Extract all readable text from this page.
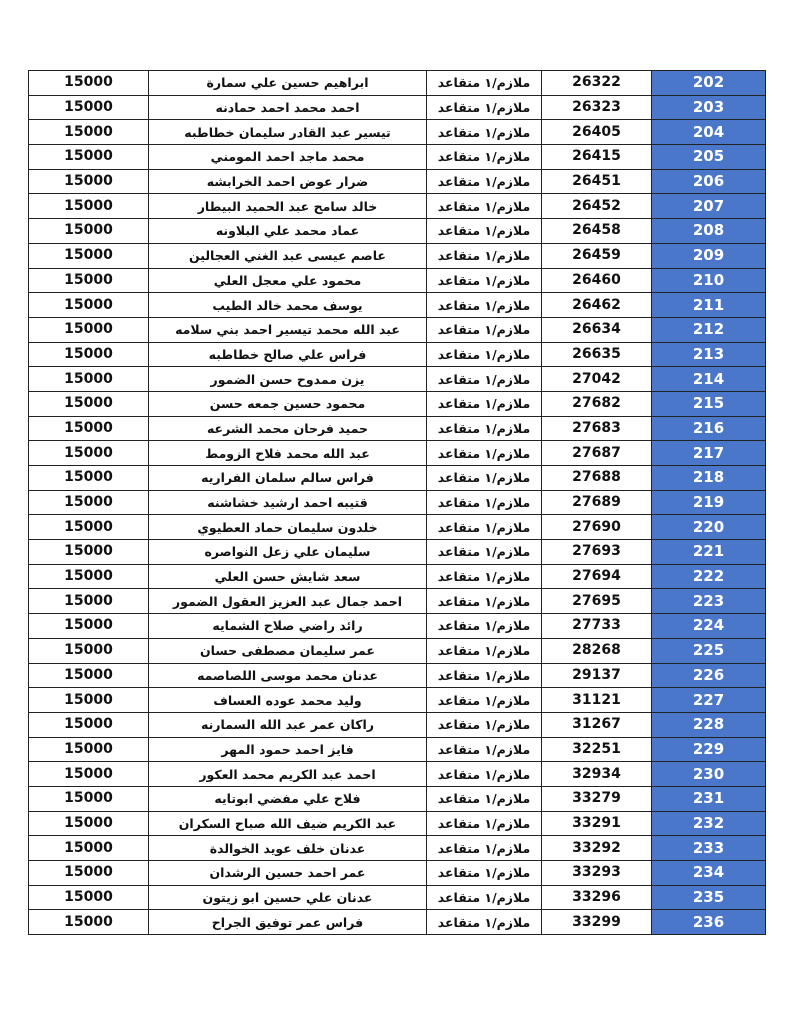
15000	ابراهيم حسين علي سمارة	ملازم/١ متقاعد	26322	202
15000	احمد محمد احمد حمادنه	ملازم/١ متقاعد	26323	203
15000	تيسير عبد القادر سليمان خطاطبه	ملازم/١ متقاعد	26405	204
15000	محمد ماجد احمد المومني	ملازم/١ متقاعد	26415	205
15000	ضرار عوض احمد الخرابشه	ملازم/١ متقاعد	26451	206
15000	خالد سامح عبد الحميد البيطار	ملازم/١ متقاعد	26452	207
15000	عماد محمد علي البلاونه	ملازم/١ متقاعد	26458	208
15000	عاصم عيسى عبد الغني العجالين	ملازم/١ متقاعد	26459	209
15000	محمود علي معجل العلي	ملازم/١ متقاعد	26460	210
15000	يوسف محمد خالد الطيب	ملازم/١ متقاعد	26462	211
15000	عبد الله محمد تيسير احمد بني سلامه	ملازم/١ متقاعد	26634	212
15000	فراس علي صالح خطاطبه	ملازم/١ متقاعد	26635	213
15000	يزن ممدوح حسن الضمور	ملازم/١ متقاعد	27042	214
15000	محمود حسين جمعه حسن	ملازم/١ متقاعد	27682	215
15000	حميد فرحان محمد الشرعه	ملازم/١ متقاعد	27683	216
15000	عبد الله محمد فلاح الزومط	ملازم/١ متقاعد	27687	217
15000	فراس سالم سلمان الفراريه	ملازم/١ متقاعد	27688	218
15000	قتيبه احمد ارشيد خشاشنه	ملازم/١ متقاعد	27689	219
15000	خلدون سليمان حماد العطيوي	ملازم/١ متقاعد	27690	220
15000	سليمان علي زعل النواصره	ملازم/١ متقاعد	27693	221
15000	سعد شايش حسن العلي	ملازم/١ متقاعد	27694	222
15000	احمد جمال عبد العزيز العقول الضمور	ملازم/١ متقاعد	27695	223
15000	رائد راضي صلاح الشمايه	ملازم/١ متقاعد	27733	224
15000	عمر سليمان مصطفى حسان	ملازم/١ متقاعد	28268	225
15000	عدنان محمد موسى اللصاصمه	ملازم/١ متقاعد	29137	226
15000	وليد محمد عوده العساف	ملازم/١ متقاعد	31121	227
15000	راكان عمر عبد الله السمارنه	ملازم/١ متقاعد	31267	228
15000	فايز احمد حمود المهر	ملازم/١ متقاعد	32251	229
15000	احمد عبد الكريم محمد العكور	ملازم/١ متقاعد	32934	230
15000	فلاح علي مفضي ابوتايه	ملازم/١ متقاعد	33279	231
15000	عبد الكريم ضيف الله صباح السكران	ملازم/١ متقاعد	33291	232
15000	عدنان خلف عويد الخوالدة	ملازم/١ متقاعد	33292	233
15000	عمر احمد حسين الرشدان	ملازم/١ متقاعد	33293	234
15000	عدنان علي حسين ابو زيتون	ملازم/١ متقاعد	33296	235
15000	فراس عمر توفيق الجراح	ملازم/١ متقاعد	33299	236
